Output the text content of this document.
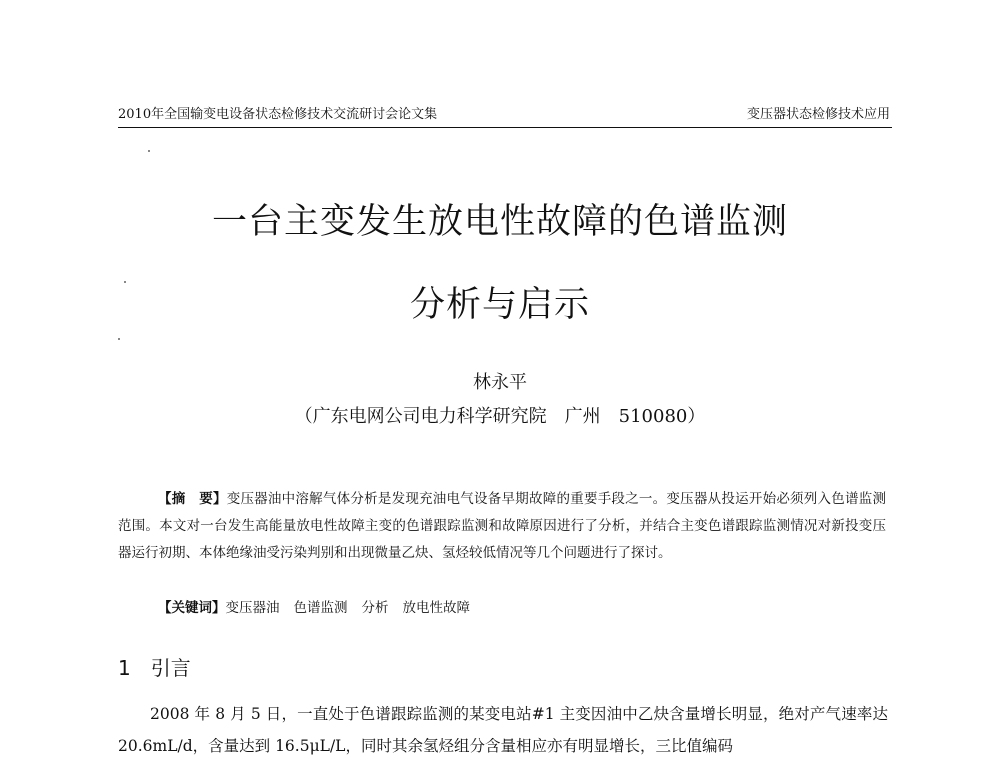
2010年全国输变电设备状态检修技术交流研讨会论文集	变压器状态检修技术应用
一台主变发生放电性故障的色谱监测
分析与启示
林永平
（广东电网公司电力科学研究院　广州　510080）

【摘　要】变压器油中溶解气体分析是发现充油电气设备早期故障的重要手段之一。变压器从投运开始必须列入色谱监测范围。本文对一台发生高能量放电性故障主变的色谱跟踪监测和故障原因进行了分析，并结合主变色谱跟踪监测情况对新投变压器运行初期、本体绝缘油受污染判别和出现微量乙炔、氢烃较低情况等几个问题进行了探讨。

【关键词】变压器油 色谱监测 分析 放电性故障
1 引言

2008 年 8 月 5 日，一直处于色谱跟踪监测的某变电站#1 主变因油中乙炔含量增长明显，绝对产气速率达 20.6mL/d，含量达到 16.5μL/L，同时其余氢烃组分含量相应亦有明显增长，三比值编码
